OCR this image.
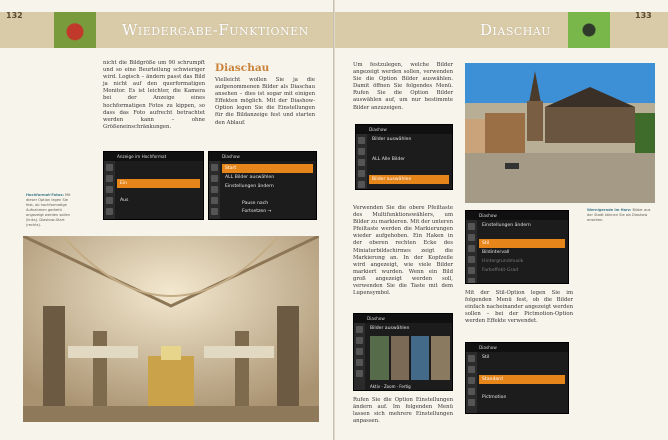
132
Wiedergabe-Funktionen
nicht die Bildgröße um 90 schrumpft und so eine Beurteilung schwieriger wird. Logisch – ändern passt das Bild ja nicht auf den querformatigen Monitor. Es ist leichter, die Kamera bei der Anzeige eines hochformatigen Fotos zu kippen, so dass das Foto aufrecht betrachtet werden kann – ohne Größeneinschränkungen.
Diaschau
Vielleicht wollen Sie ja die aufgenommenen Bilder als Diaschau ansehen – dies ist sogar mit einigen Effekten möglich. Mit der Diashow-Option legen Sie die Einstellungen für die Bildanzeige fest und starten den Ablauf.
Hochformat-Fotos: Mit dieser Option legen Sie fest, ob hochformatige Aufnahmen gedreht angezeigt werden sollen (links). Diashow-Start (rechts).
Anzeige im Hochformat
Ein
Aus
Diashow
Start
ALL Bilder auswählen
Einstellungen ändern
Pause nach
Fortsetzen →
Diaschau
133
Um festzulegen, welche Bilder angezeigt werden sollen, verwenden Sie die Option Bilder auswählen. Damit öffnen Sie folgendes Menü. Rufen Sie die Option Bilder auswählen auf, um nur bestimmte Bilder anzuzeigen.
Diashow
Bilder auswählen
ALL Alle Bilder
Bilder auswählen
Wernigerode im Harz: Bilder aus der Stadt können Sie als Diashow ansehen.
Verwenden Sie die obere Pfeiltaste des Multifunktionswählers, um Bilder zu markieren. Mit der unteren Pfeiltaste werden die Markierungen wieder aufgehoben. Ein Haken in der oberen rechten Ecke des Miniaturbildschirmes zeigt die Markierung an. In der Kopfzeile wird angezeigt, wie viele Bilder markiert wurden. Wenn ein Bild groß angezeigt werden soll, verwenden Sie die Taste mit dem Lupensymbol.
Diashow
Einstellungen ändern
Stil
Bildintervall
Hintergrundmusik
Farbeffekt-Grad
Mit der Stil-Option legen Sie im folgenden Menü fest, ob die Bilder einfach nacheinander angezeigt werden sollen – bei der Pictmotion-Option werden Effekte verwendet.
Diashow
Bilder auswählen
Aktiv · Zoom · Fertig
Diashow
Stil
Standard
Pictmotion
Rufen Sie die Option Einstellungen ändern auf. Im folgenden Menü lassen sich mehrere Einstellungen anpassen.
